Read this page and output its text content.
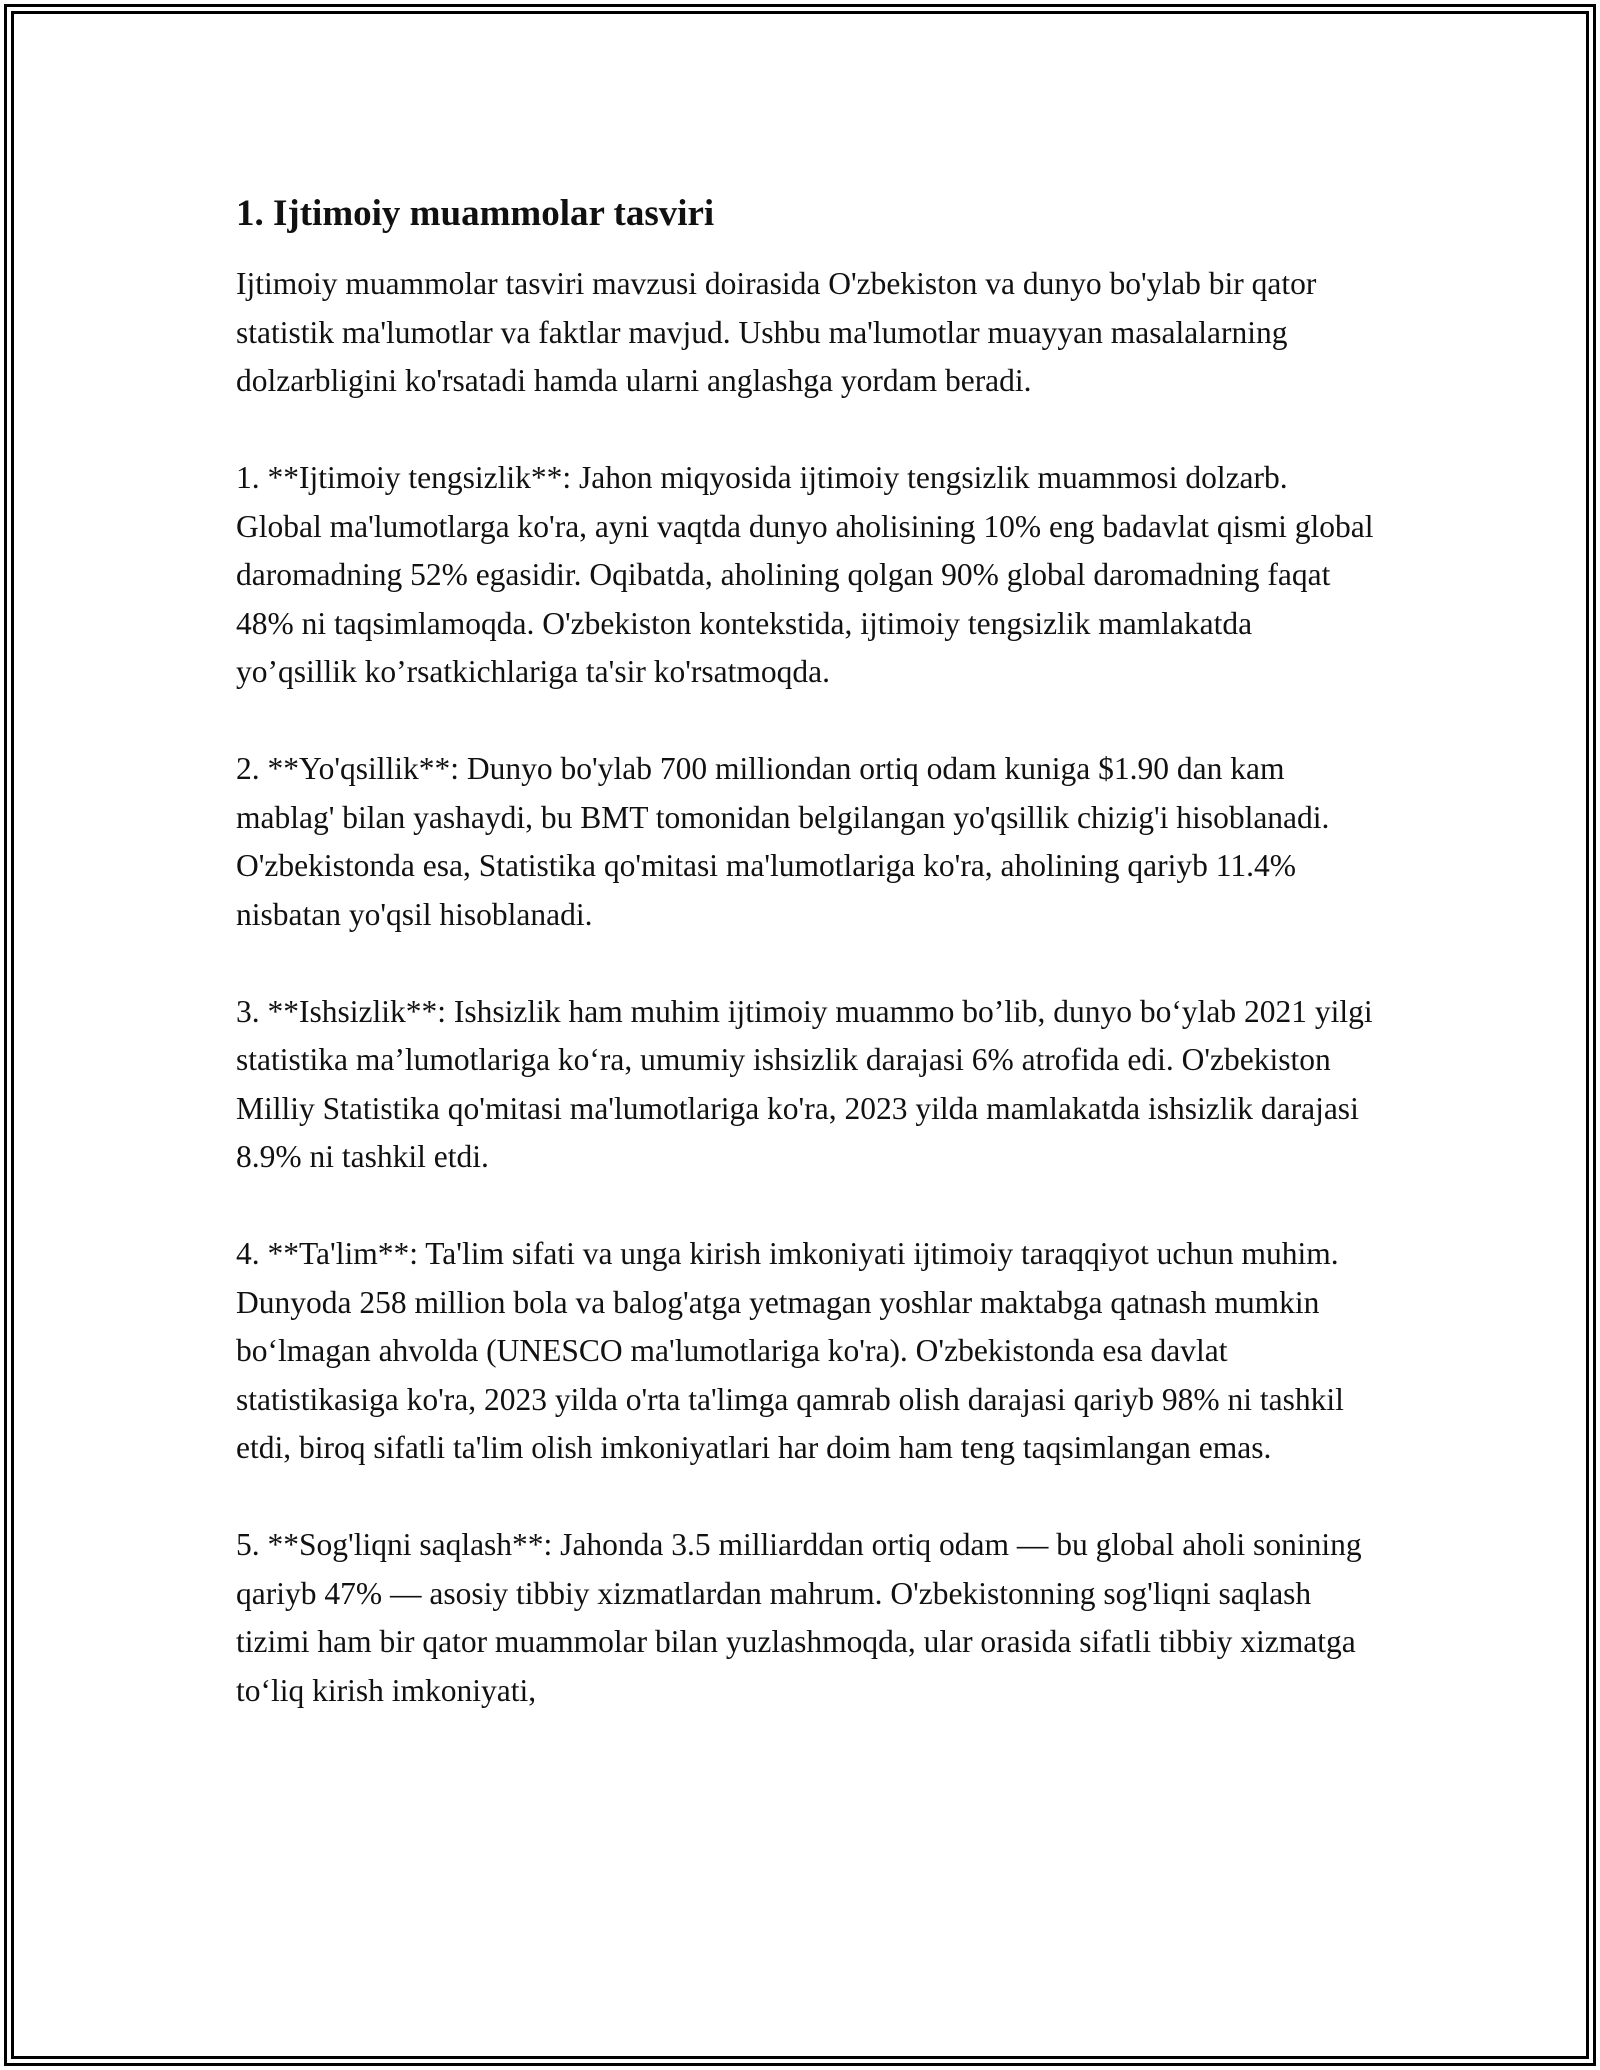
1. Ijtimoiy muammolar tasviri

Ijtimoiy muammolar tasviri mavzusi doirasida O'zbekiston va dunyo bo'ylab bir qator statistik ma'lumotlar va faktlar mavjud. Ushbu ma'lumotlar muayyan masalalarning dolzarbligini ko'rsatadi hamda ularni anglashga yordam beradi.

1. **Ijtimoiy tengsizlik**: Jahon miqyosida ijtimoiy tengsizlik muammosi dolzarb. Global ma'lumotlarga ko'ra, ayni vaqtda dunyo aholisining 10% eng badavlat qismi global daromadning 52% egasidir. Oqibatda, aholining qolgan 90% global daromadning faqat 48% ni taqsimlamoqda. O'zbekiston kontekstida, ijtimoiy tengsizlik mamlakatda yo’qsillik ko’rsatkichlariga ta'sir ko'rsatmoqda.

2. **Yo'qsillik**: Dunyo bo'ylab 700 milliondan ortiq odam kuniga $1.90 dan kam mablag' bilan yashaydi, bu BMT tomonidan belgilangan yo'qsillik chizig'i hisoblanadi. O'zbekistonda esa, Statistika qo'mitasi ma'lumotlariga ko'ra, aholining qariyb 11.4% nisbatan yo'qsil hisoblanadi.

3. **Ishsizlik**: Ishsizlik ham muhim ijtimoiy muammo bo’lib, dunyo bo‘ylab 2021 yilgi statistika ma’lumotlariga ko‘ra, umumiy ishsizlik darajasi 6% atrofida edi. O'zbekiston Milliy Statistika qo'mitasi ma'lumotlariga ko'ra, 2023 yilda mamlakatda ishsizlik darajasi 8.9% ni tashkil etdi.

4. **Ta'lim**: Ta'lim sifati va unga kirish imkoniyati ijtimoiy taraqqiyot uchun muhim. Dunyoda 258 million bola va balog'atga yetmagan yoshlar maktabga qatnash mumkin bo‘lmagan ahvolda (UNESCO ma'lumotlariga ko'ra). O'zbekistonda esa davlat statistikasiga ko'ra, 2023 yilda o'rta ta'limga qamrab olish darajasi qariyb 98% ni tashkil etdi, biroq sifatli ta'lim olish imkoniyatlari har doim ham teng taqsimlangan emas.

5. **Sog'liqni saqlash**: Jahonda 3.5 milliarddan ortiq odam — bu global aholi sonining qariyb 47% — asosiy tibbiy xizmatlardan mahrum. O'zbekistonning sog'liqni saqlash tizimi ham bir qator muammolar bilan yuzlashmoqda, ular orasida sifatli tibbiy xizmatga to‘liq kirish imkoniyati,
